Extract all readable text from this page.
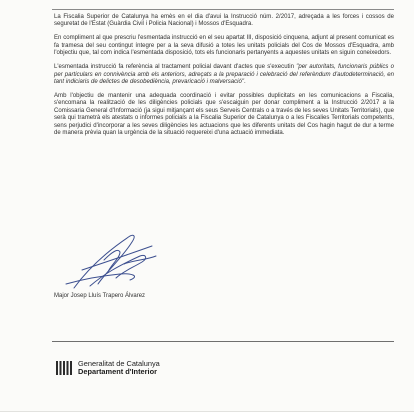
La Fiscalia Superior de Catalunya ha emès en el dia d'avui la Instrucció núm. 2/2017, adreçada a les forces i cossos de seguretat de l'Estat (Guàrdia Civil i Policia Nacional) i Mossos d'Esquadra.

En compliment al que prescriu l'esmentada instrucció en el seu apartat III, disposició cinquena, adjunt al present comunicat es fa tramesa del seu contingut íntegre per a la seva difusió a totes les unitats policials del Cos de Mossos d'Esquadra, amb l'objectiu que, tal com indica l'esmentada disposició, tots els funcionaris pertanyents a aquestes unitats en siguin coneixedors.

L'esmentada instrucció fa referència al tractament policial davant d'actes que s'executin "per autoritats, funcionaris públics o per particulars en connivència amb els anteriors, adreçats a la preparació i celebració del referèndum d'autodeterminació, en tant indiciaris de delictes de desobediència, prevaricació i malversació".

Amb l'objectiu de mantenir una adequada coordinació i evitar possibles duplicitats en les comunicacions a Fiscalia, s'encomana la realització de les diligències policials que s'escaiguin per donar compliment a la Instrucció 2/2017 a la Comissaria General d'Informació (ja sigui mitjançant els seus Serveis Centrals o a través de les seves Unitats Territorials), que serà qui trametrà els atestats o informes policials a la Fiscalia Superior de Catalunya o a les Fiscalies Territorials competents, sens perjudici d'incorporar a les seves diligències les actuacions que les diferents unitats del Cos hagin hagut de dur a terme de manera prèvia quan la urgència de la situació requereixi d'una actuació immediata.

Major Josep Lluís Trapero Álvarez
Generalitat de Catalunya
Departament d'Interior
